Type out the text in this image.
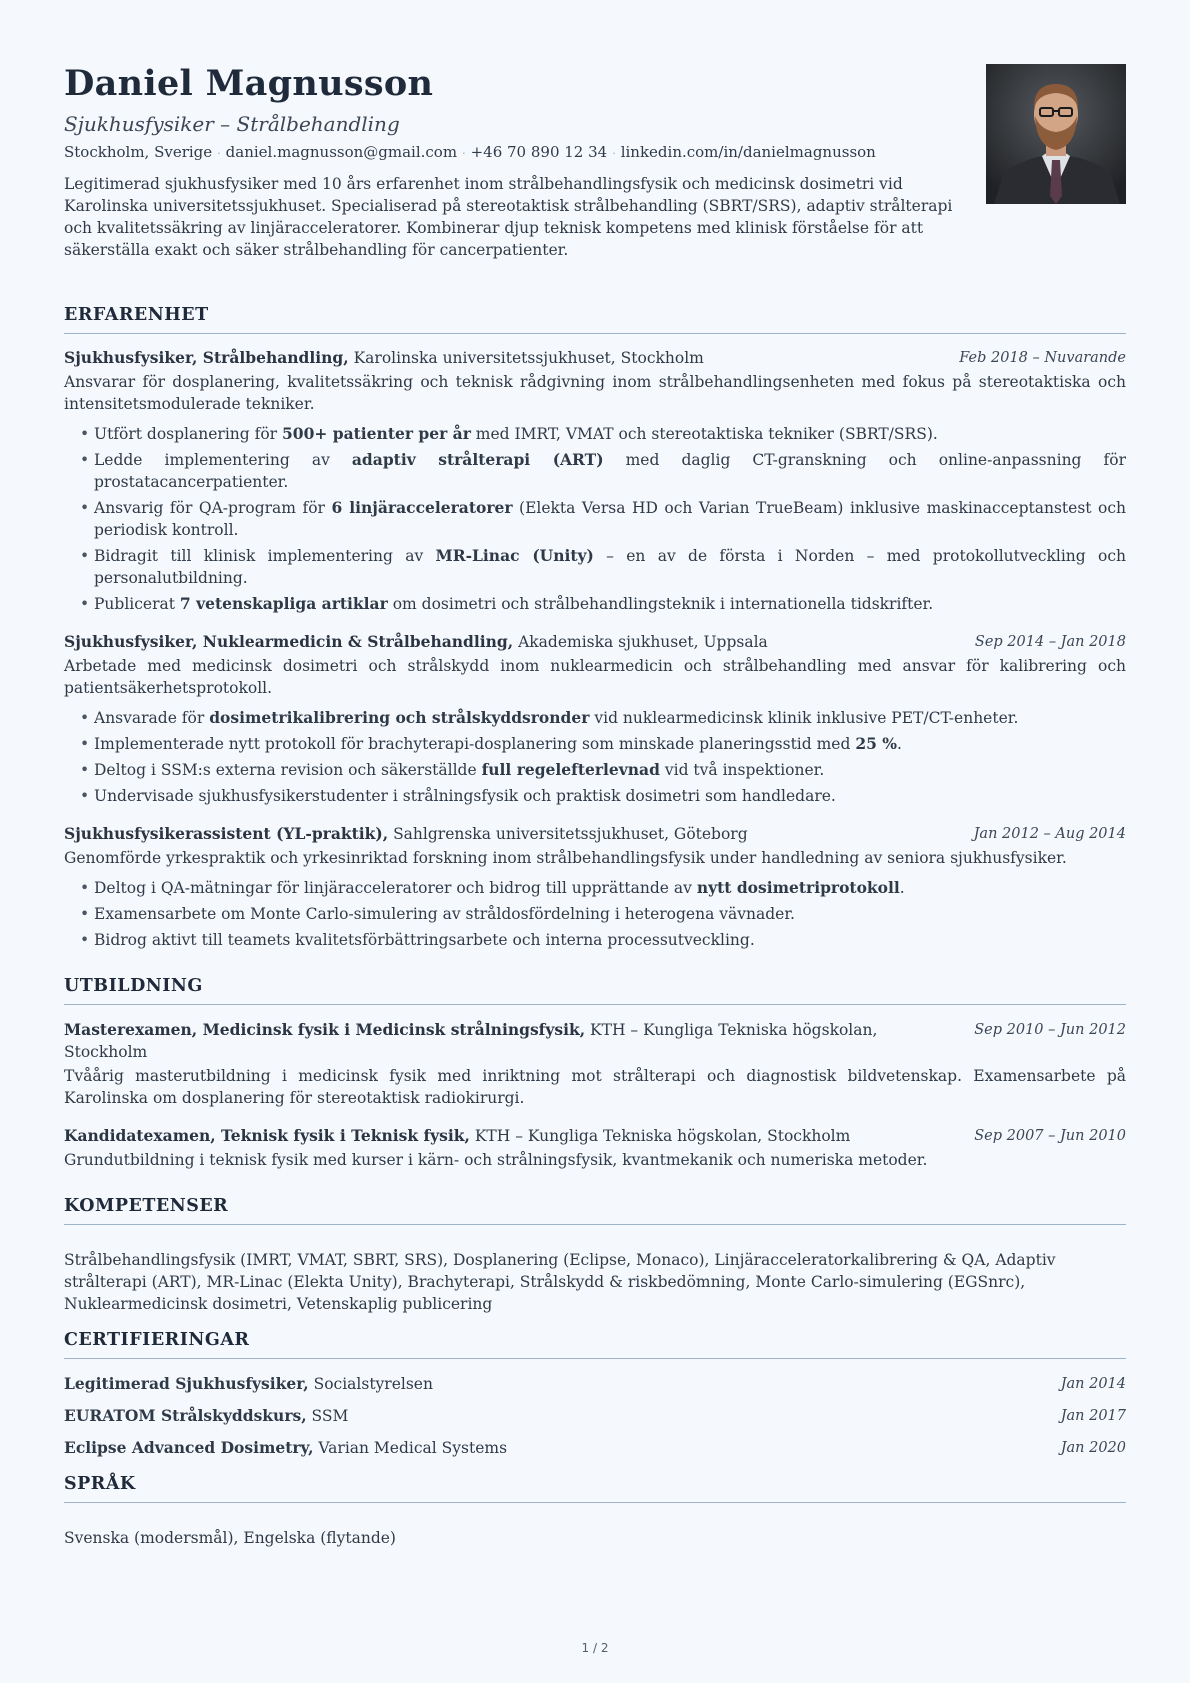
Daniel Magnusson
Sjukhusfysiker – Strålbehandling
Stockholm, Sverige · daniel.magnusson@gmail.com · +46 70 890 12 34 · linkedin.com/in/danielmagnusson

Legitimerad sjukhusfysiker med 10 års erfarenhet inom strålbehandlingsfysik och medicinsk dosimetri vid Karolinska universitetssjukhuset. Specialiserad på stereotaktisk strålbehandling (SBRT/SRS), adaptiv strålterapi och kvalitetssäkring av linjäracceleratorer. Kombinerar djup teknisk kompetens med klinisk förståelse för att säkerställa exakt och säker strålbehandling för cancerpatienter.

ERFARENHET
Sjukhusfysiker, Strålbehandling, Karolinska universitetssjukhuset, Stockholm	Feb 2018 – Nuvarande

Ansvarar för dosplanering, kvalitetssäkring och teknisk rådgivning inom strålbehandlingsenheten med fokus på stereotaktiska och intensitetsmodulerade tekniker.

• Utfört dosplanering för 500+ patienter per år med IMRT, VMAT och stereotaktiska tekniker (SBRT/SRS).
• Ledde implementering av adaptiv strålterapi (ART) med daglig CT-granskning och online-anpassning för prostatacancerpatienter.
• Ansvarig för QA-program för 6 linjäracceleratorer (Elekta Versa HD och Varian TrueBeam) inklusive maskinacceptanstest och periodisk kontroll.
• Bidragit till klinisk implementering av MR-Linac (Unity) – en av de första i Norden – med protokollutveckling och personalutbildning.
• Publicerat 7 vetenskapliga artiklar om dosimetri och strålbehandlingsteknik i internationella tidskrifter.
Sjukhusfysiker, Nuklearmedicin & Strålbehandling, Akademiska sjukhuset, Uppsala	Sep 2014 – Jan 2018

Arbetade med medicinsk dosimetri och strålskydd inom nuklearmedicin och strålbehandling med ansvar för kalibrering och patientsäkerhetsprotokoll.

• Ansvarade för dosimetrikalibrering och strålskyddsronder vid nuklearmedicinsk klinik inklusive PET/CT-enheter.
• Implementerade nytt protokoll för brachyterapi-dosplanering som minskade planeringsstid med 25 %.
• Deltog i SSM:s externa revision och säkerställde full regelefterlevnad vid två inspektioner.
• Undervisade sjukhusfysikerstudenter i strålningsfysik och praktisk dosimetri som handledare.
Sjukhusfysikerassistent (YL-praktik), Sahlgrenska universitetssjukhuset, Göteborg	Jan 2012 – Aug 2014

Genomförde yrkespraktik och yrkesinriktad forskning inom strålbehandlingsfysik under handledning av seniora sjukhusfysiker.

• Deltog i QA-mätningar för linjäracceleratorer och bidrog till upprättande av nytt dosimetriprotokoll.
• Examensarbete om Monte Carlo-simulering av stråldosfördelning i heterogena vävnader.
• Bidrog aktivt till teamets kvalitetsförbättringsarbete och interna processutveckling.
UTBILDNING
Masterexamen, Medicinsk fysik i Medicinsk strålningsfysik, KTH – Kungliga Tekniska högskolan, Stockholm
Sep 2010 – Jun 2012

Tvåårig masterutbildning i medicinsk fysik med inriktning mot strålterapi och diagnostisk bildvetenskap. Examensarbete på Karolinska om dosplanering för stereotaktisk radiokirurgi.

Kandidatexamen, Teknisk fysik i Teknisk fysik, KTH – Kungliga Tekniska högskolan, Stockholm	Sep 2007 – Jun 2010

Grundutbildning i teknisk fysik med kurser i kärn- och strålningsfysik, kvantmekanik och numeriska metoder.

KOMPETENSER

Strålbehandlingsfysik (IMRT, VMAT, SBRT, SRS), Dosplanering (Eclipse, Monaco), Linjäracceleratorkalibrering & QA, Adaptiv strålterapi (ART), MR-Linac (Elekta Unity), Brachyterapi, Strålskydd & riskbedömning, Monte Carlo-simulering (EGSnrc), Nuklearmedicinsk dosimetri, Vetenskaplig publicering

CERTIFIERINGAR
Legitimerad Sjukhusfysiker, Socialstyrelsen	Jan 2014
EURATOM Strålskyddskurs, SSM	Jan 2017
Eclipse Advanced Dosimetry, Varian Medical Systems	Jan 2020
SPRÅK

Svenska (modersmål), Engelska (flytande)

1 / 2
